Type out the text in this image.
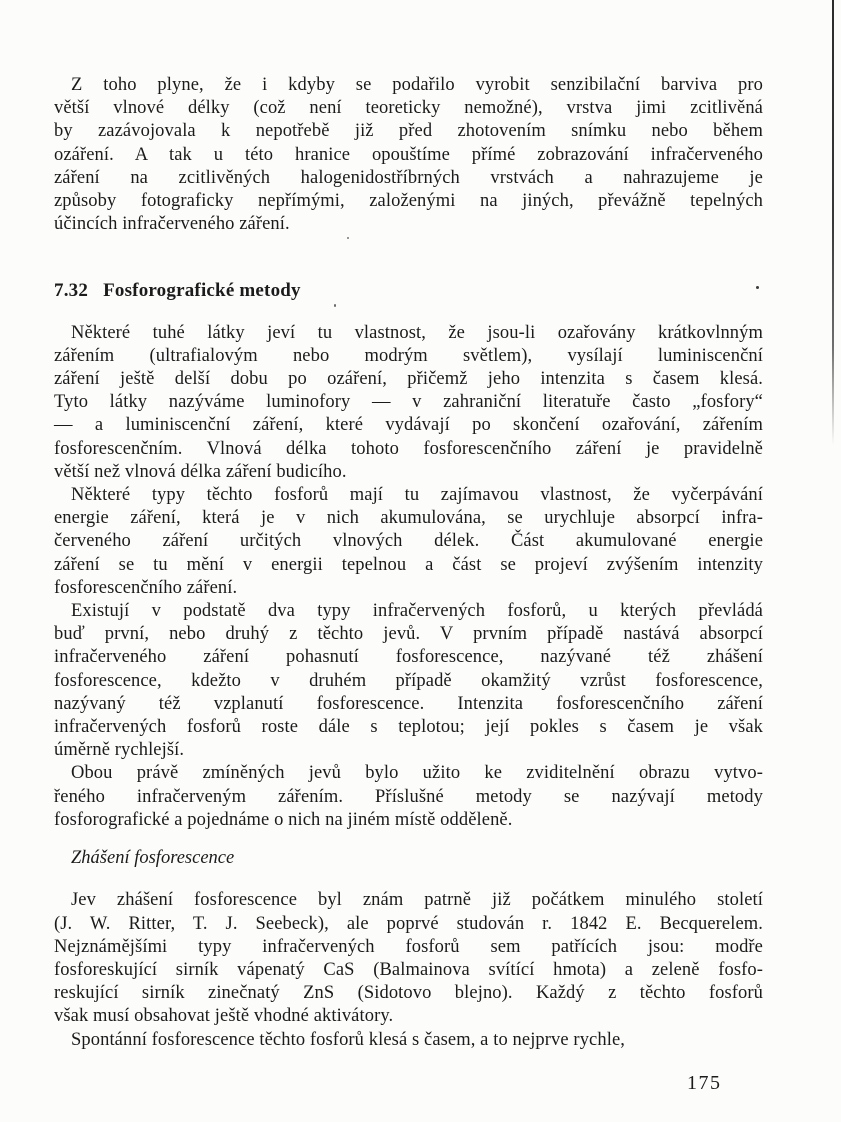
Z toho plyne, že i kdyby se podařilo vyrobit senzibilační barviva pro
větší vlnové délky (což není teoreticky nemožné), vrstva jimi zcitlivěná
by zazávojovala k nepotřebě již před zhotovením snímku nebo během
ozáření. A tak u této hranice opouštíme přímé zobrazování infračerveného
záření na zcitlivěných halogenidostříbrných vrstvách a nahrazujeme je
způsoby fotograficky nepřímými, založenými na jiných, převážně tepelných
účincích infračerveného záření.
7.32 Fosforografické metody
Některé tuhé látky jeví tu vlastnost, že jsou-li ozařovány krátkovlnným
zářením (ultrafialovým nebo modrým světlem), vysílají luminiscenční
záření ještě delší dobu po ozáření, přičemž jeho intenzita s časem klesá.
Tyto látky nazýváme luminofory — v zahraniční literatuře často „fosfory“
— a luminiscenční záření, které vydávají po skončení ozařování, zářením
fosforescenčním. Vlnová délka tohoto fosforescenčního záření je pravidelně
větší než vlnová délka záření budicího.
Některé typy těchto fosforů mají tu zajímavou vlastnost, že vyčerpávání
energie záření, která je v nich akumulována, se urychluje absorpcí infra-
červeného záření určitých vlnových délek. Část akumulované energie
záření se tu mění v energii tepelnou a část se projeví zvýšením intenzity
fosforescenčního záření.
Existují v podstatě dva typy infračervených fosforů, u kterých převládá
buď první, nebo druhý z těchto jevů. V prvním případě nastává absorpcí
infračerveného záření pohasnutí fosforescence, nazývané též zhášení
fosforescence, kdežto v druhém případě okamžitý vzrůst fosforescence,
nazývaný též vzplanutí fosforescence. Intenzita fosforescenčního záření
infračervených fosforů roste dále s teplotou; její pokles s časem je však
úměrně rychlejší.
Obou právě zmíněných jevů bylo užito ke zviditelnění obrazu vytvo-
řeného infračerveným zářením. Příslušné metody se nazývají metody
fosforografické a pojednáme o nich na jiném místě odděleně.
Zhášení fosforescence
Jev zhášení fosforescence byl znám patrně již počátkem minulého století
(J. W. Ritter, T. J. Seebeck), ale poprvé studován r. 1842 E. Becquerelem.
Nejznámějšími typy infračervených fosforů sem patřících jsou: modře
fosforeskující sirník vápenatý CaS (Balmainova svítící hmota) a zeleně fosfo-
reskující sirník zinečnatý ZnS (Sidotovo blejno). Každý z těchto fosforů
však musí obsahovat ještě vhodné aktivátory.
Spontánní fosforescence těchto fosforů klesá s časem, a to nejprve rychle,
175
